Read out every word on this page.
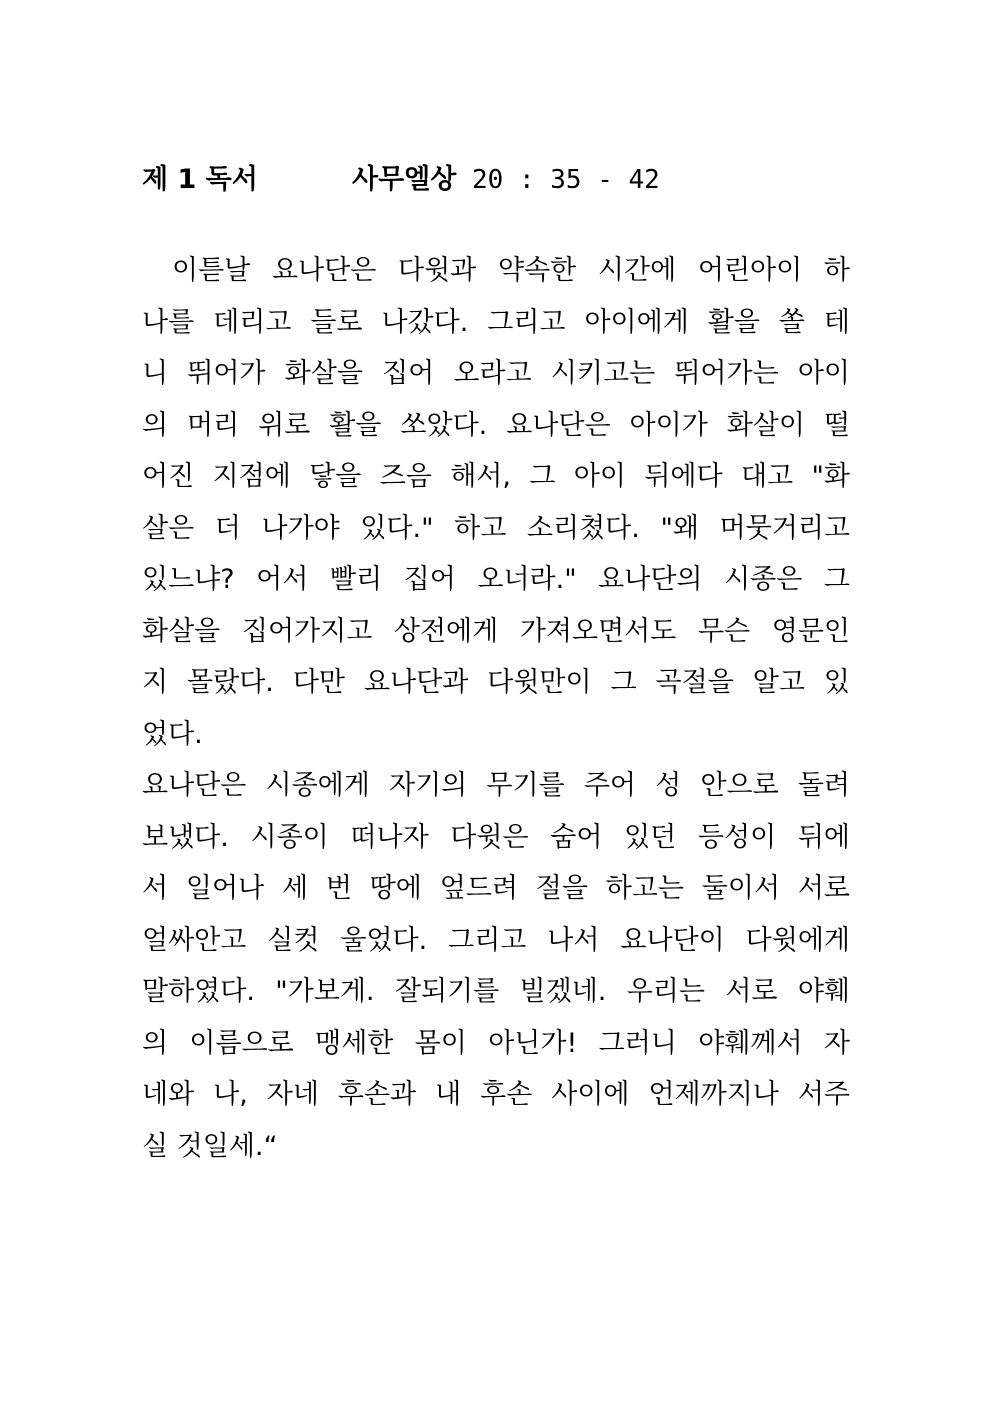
제 1 독서	사무엘상 20 : 35 - 42
이튿날 요나단은 다윗과 약속한 시간에 어린아이 하
나를 데리고 들로 나갔다. 그리고 아이에게 활을 쏠 테
니 뛰어가 화살을 집어 오라고 시키고는 뛰어가는 아이
의 머리 위로 활을 쏘았다. 요나단은 아이가 화살이 떨
어진 지점에 닿을 즈음 해서, 그 아이 뒤에다 대고 "화
살은 더 나가야 있다." 하고 소리쳤다. "왜 머뭇거리고
있느냐? 어서 빨리 집어 오너라." 요나단의 시종은 그
화살을 집어가지고 상전에게 가져오면서도 무슨 영문인
지 몰랐다. 다만 요나단과 다윗만이 그 곡절을 알고 있
었다.
요나단은 시종에게 자기의 무기를 주어 성 안으로 돌려
보냈다. 시종이 떠나자 다윗은 숨어 있던 등성이 뒤에
서 일어나 세 번 땅에 엎드려 절을 하고는 둘이서 서로
얼싸안고 실컷 울었다. 그리고 나서 요나단이 다윗에게
말하였다. "가보게. 잘되기를 빌겠네. 우리는 서로 야훼
의 이름으로 맹세한 몸이 아닌가! 그러니 야훼께서 자
네와 나, 자네 후손과 내 후손 사이에 언제까지나 서주
실 것일세.“
